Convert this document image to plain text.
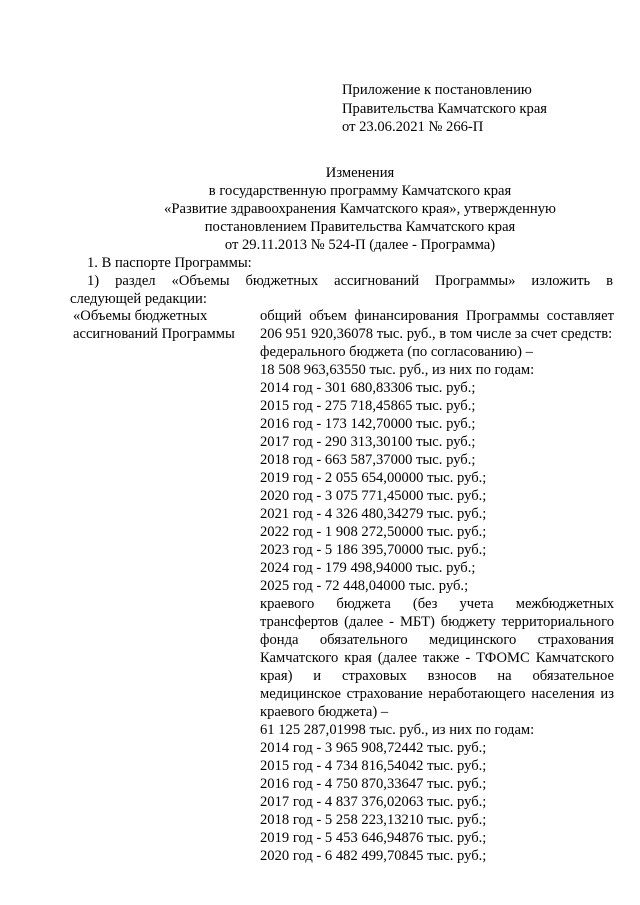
Приложение к постановлению
Правительства Камчатского края
от 23.06.2021 № 266-П
Изменения
в государственную программу Камчатского края
«Развитие здравоохранения Камчатского края», утвержденную
постановлением Правительства Камчатского края
от 29.11.2013 № 524-П (далее - Программа)
1. В паспорте Программы:
1) раздел «Объемы бюджетных ассигнований Программы» изложить в
следующей редакции:
«Объемы бюджетных
ассигнований Программы
общий объем финансирования Программы составляет
206 951 920,36078 тыс. руб., в том числе за счет средств:
федерального бюджета (по согласованию) –
18 508 963,63550 тыс. руб., из них по годам:
2014 год - 301 680,83306 тыс. руб.;
2015 год - 275 718,45865 тыс. руб.;
2016 год - 173 142,70000 тыс. руб.;
2017 год - 290 313,30100 тыс. руб.;
2018 год - 663 587,37000 тыс. руб.;
2019 год - 2 055 654,00000 тыс. руб.;
2020 год - 3 075 771,45000 тыс. руб.;
2021 год - 4 326 480,34279 тыс. руб.;
2022 год - 1 908 272,50000 тыс. руб.;
2023 год - 5 186 395,70000 тыс. руб.;
2024 год - 179 498,94000 тыс. руб.;
2025 год - 72 448,04000 тыс. руб.;
краевого бюджета (без учета межбюджетных
трансфертов (далее - МБТ) бюджету территориального
фонда обязательного медицинского страхования
Камчатского края (далее также - ТФОМС Камчатского
края) и страховых взносов на обязательное
медицинское страхование неработающего населения из
краевого бюджета) –
61 125 287,01998 тыс. руб., из них по годам:
2014 год - 3 965 908,72442 тыс. руб.;
2015 год - 4 734 816,54042 тыс. руб.;
2016 год - 4 750 870,33647 тыс. руб.;
2017 год - 4 837 376,02063 тыс. руб.;
2018 год - 5 258 223,13210 тыс. руб.;
2019 год - 5 453 646,94876 тыс. руб.;
2020 год - 6 482 499,70845 тыс. руб.;
